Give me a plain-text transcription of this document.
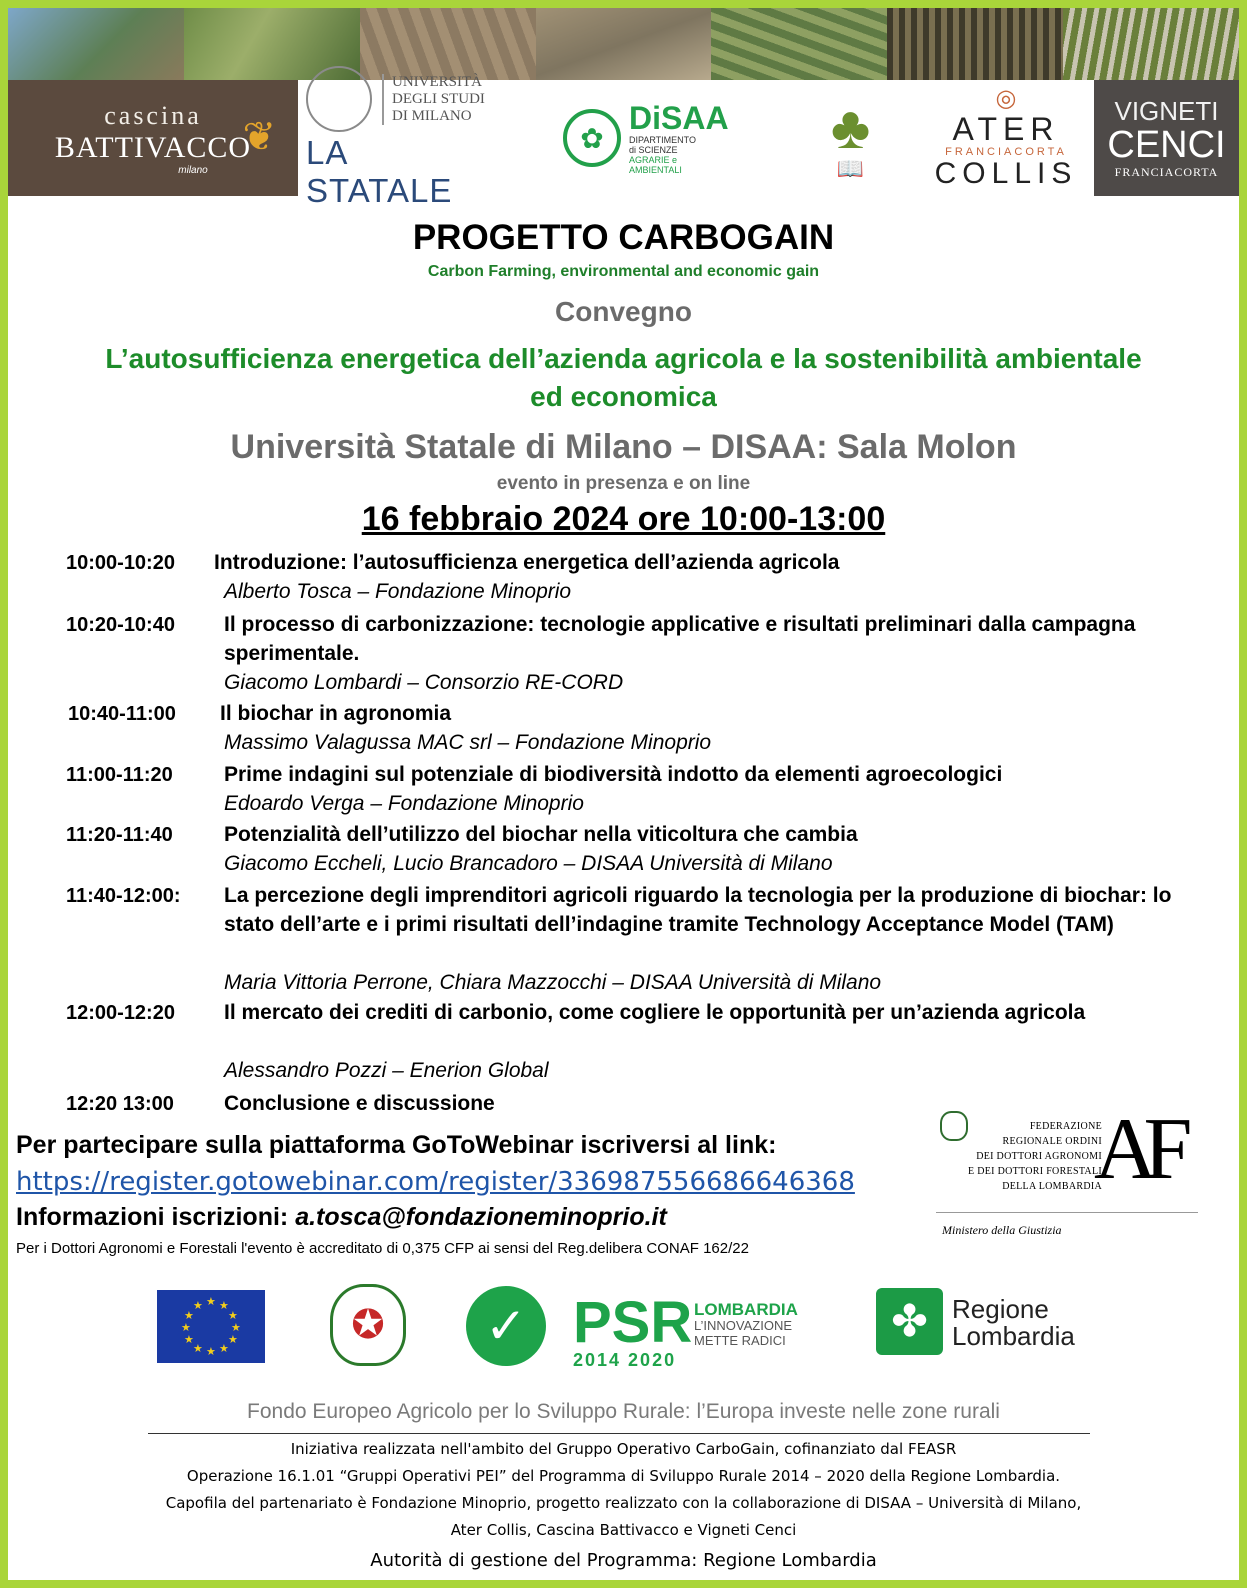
cascina
BATTIVACCO
milano
❦
UNIVERSITÀ
DEGLI STUDI
DI MILANO
LA STATALE
✿
DiSAA
DIPARTIMENTO
di SCIENZE
AGRARIE e
AMBIENTALI
♣
📖
◎
ATER
FRANCIACORTA
COLLIS
VIGNETI
CENCI
FRANCIACORTA
PROGETTO CARBOGAIN
Carbon Farming, environmental and economic gain
Convegno
L’autosufficienza energetica dell’azienda agricola e la sostenibilità ambientale
ed economica
Università Statale di Milano – DISAA: Sala Molon
evento in presenza e on line
16 febbraio 2024 ore 10:00-13:00
10:00-10:20 Introduzione: l’autosufficienza energetica dell’azienda agricola
Alberto Tosca – Fondazione Minoprio
10:20-10:40 Il processo di carbonizzazione: tecnologie applicative e risultati preliminari dalla campagna sperimentale.
Giacomo Lombardi – Consorzio RE-CORD
10:40-11:00 Il biochar in agronomia
Massimo Valagussa MAC srl – Fondazione Minoprio
11:00-11:20 Prime indagini sul potenziale di biodiversità indotto da elementi agroecologici
Edoardo Verga – Fondazione Minoprio
11:20-11:40 Potenzialità dell’utilizzo del biochar nella viticoltura che cambia
Giacomo Eccheli, Lucio Brancadoro – DISAA Università di Milano
11:40-12:00: La percezione degli imprenditori agricoli riguardo la tecnologia per la produzione di biochar: lo stato dell’arte e i primi risultati dell’indagine tramite Technology Acceptance Model (TAM)
Maria Vittoria Perrone, Chiara Mazzocchi – DISAA Università di Milano
12:00-12:20 Il mercato dei crediti di carbonio, come cogliere le opportunità per un’azienda agricola
Alessandro Pozzi – Enerion Global
12:20 13:00 Conclusione e discussione
Per partecipare sulla piattaforma GoToWebinar iscriversi al link:
https://register.gotowebinar.com/register/336987556686646368
Informazioni iscrizioni: a.tosca@fondazioneminoprio.it
Per i Dottori Agronomi e Forestali l'evento è accreditato di 0,375 CFP ai sensi del Reg.delibera CONAF 162/22
FEDERAZIONE
REGIONALE ORDINI
DEI DOTTORI AGRONOMI
E DEI DOTTORI FORESTALI
DELLA LOMBARDIA
AF
Ministero della Giustizia
★ ★
★
★
★
★
★
★
★
★
★
★	✪	✓ PSR
2014 2020
LOMBARDIA
L’INNOVAZIONE
METTE RADICI	✤ Regione
Lombardia
Fondo Europeo Agricolo per lo Sviluppo Rurale: l’Europa investe nelle zone rurali
Iniziativa realizzata nell'ambito del Gruppo Operativo CarboGain, cofinanziato dal FEASR
Operazione 16.1.01 “Gruppi Operativi PEI” del Programma di Sviluppo Rurale 2014 – 2020 della Regione Lombardia.
Capofila del partenariato è Fondazione Minoprio, progetto realizzato con la collaborazione di DISAA – Università di Milano,
Ater Collis, Cascina Battivacco e Vigneti Cenci
Autorità di gestione del Programma: Regione Lombardia
